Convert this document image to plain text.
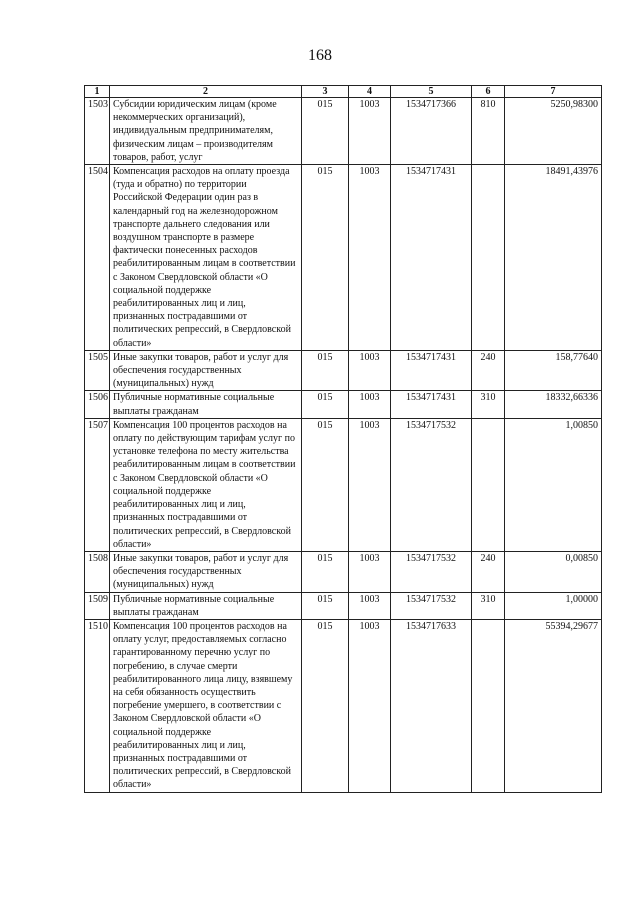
168
1	2	3	4	5	6	7
1503	Субсидии юридическим лицам (кроме некоммерческих организаций), индивидуальным предпринимателям, физическим лицам – производителям товаров, работ, услуг	015	1003	1534717366	810	5250,98300
1504	Компенсация расходов на оплату проезда (туда и обратно) по территории Российской Федерации один раз в календарный год на железнодорожном транспорте дальнего следования или воздушном транспорте в размере фактически понесенных расходов реабилитированным лицам в соответствии с Законом Свердловской области «О социальной поддержке реабилитированных лиц и лиц, признанных пострадавшими от политических репрессий, в Свердловской области»	015	1003	1534717431		18491,43976
1505	Иные закупки товаров, работ и услуг для обеспечения государственных (муниципальных) нужд	015	1003	1534717431	240	158,77640
1506	Публичные нормативные социальные выплаты гражданам	015	1003	1534717431	310	18332,66336
1507	Компенсация 100 процентов расходов на оплату по действующим тарифам услуг по установке телефона по месту жительства реабилитированным лицам в соответствии с Законом Свердловской области «О социальной поддержке реабилитированных лиц и лиц, признанных пострадавшими от политических репрессий, в Свердловской области»	015	1003	1534717532		1,00850
1508	Иные закупки товаров, работ и услуг для обеспечения государственных (муниципальных) нужд	015	1003	1534717532	240	0,00850
1509	Публичные нормативные социальные выплаты гражданам	015	1003	1534717532	310	1,00000
1510	Компенсация 100 процентов расходов на оплату услуг, предоставляемых согласно гарантированному перечню услуг по погребению, в случае смерти реабилитированного лица лицу, взявшему на себя обязанность осуществить погребение умершего, в соответствии с Законом Свердловской области «О социальной поддержке реабилитированных лиц и лиц, признанных пострадавшими от политических репрессий, в Свердловской области»	015	1003	1534717633		55394,29677
